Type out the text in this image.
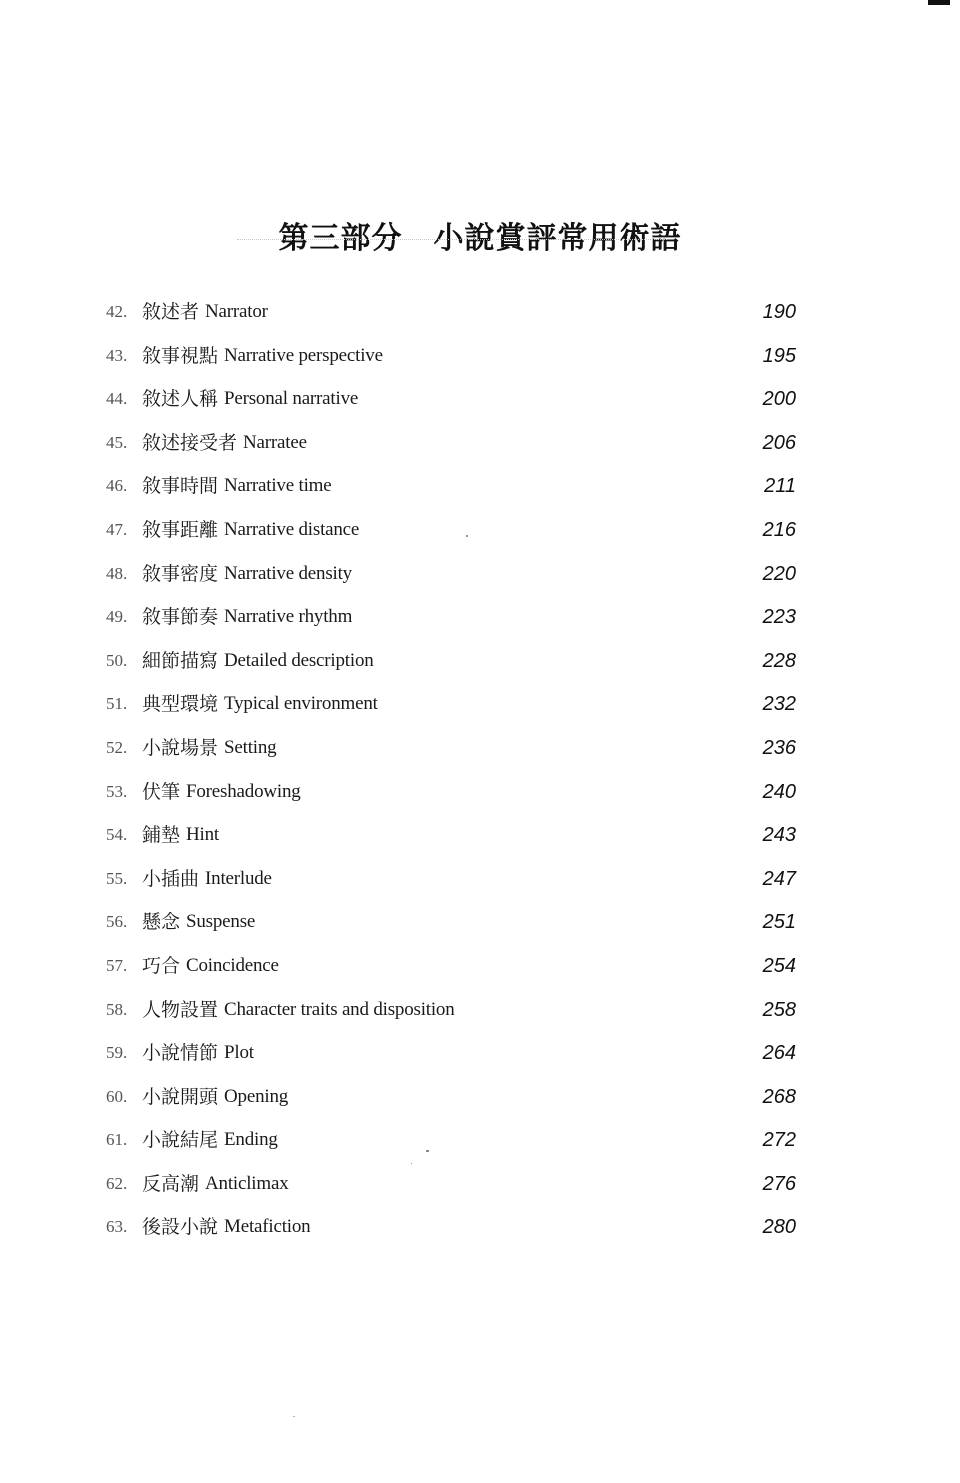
第三部分　小說賞評常用術語
42. 敘述者 Narrator	190
43. 敘事視點 Narrative perspective	195
44. 敘述人稱 Personal narrative	200
45. 敘述接受者 Narratee	206
46. 敘事時間 Narrative time	211
47. 敘事距離 Narrative distance	216
48. 敘事密度 Narrative density	220
49. 敘事節奏 Narrative rhythm	223
50. 細節描寫 Detailed description	228
51. 典型環境 Typical environment	232
52. 小說場景 Setting	236
53. 伏筆 Foreshadowing	240
54. 鋪墊 Hint	243
55. 小插曲 Interlude	247
56. 懸念 Suspense	251
57. 巧合 Coincidence	254
58. 人物設置 Character traits and disposition	258
59. 小說情節 Plot	264
60. 小說開頭 Opening	268
61. 小說結尾 Ending	272
62. 反高潮 Anticlimax	276
63. 後設小說 Metafiction	280
